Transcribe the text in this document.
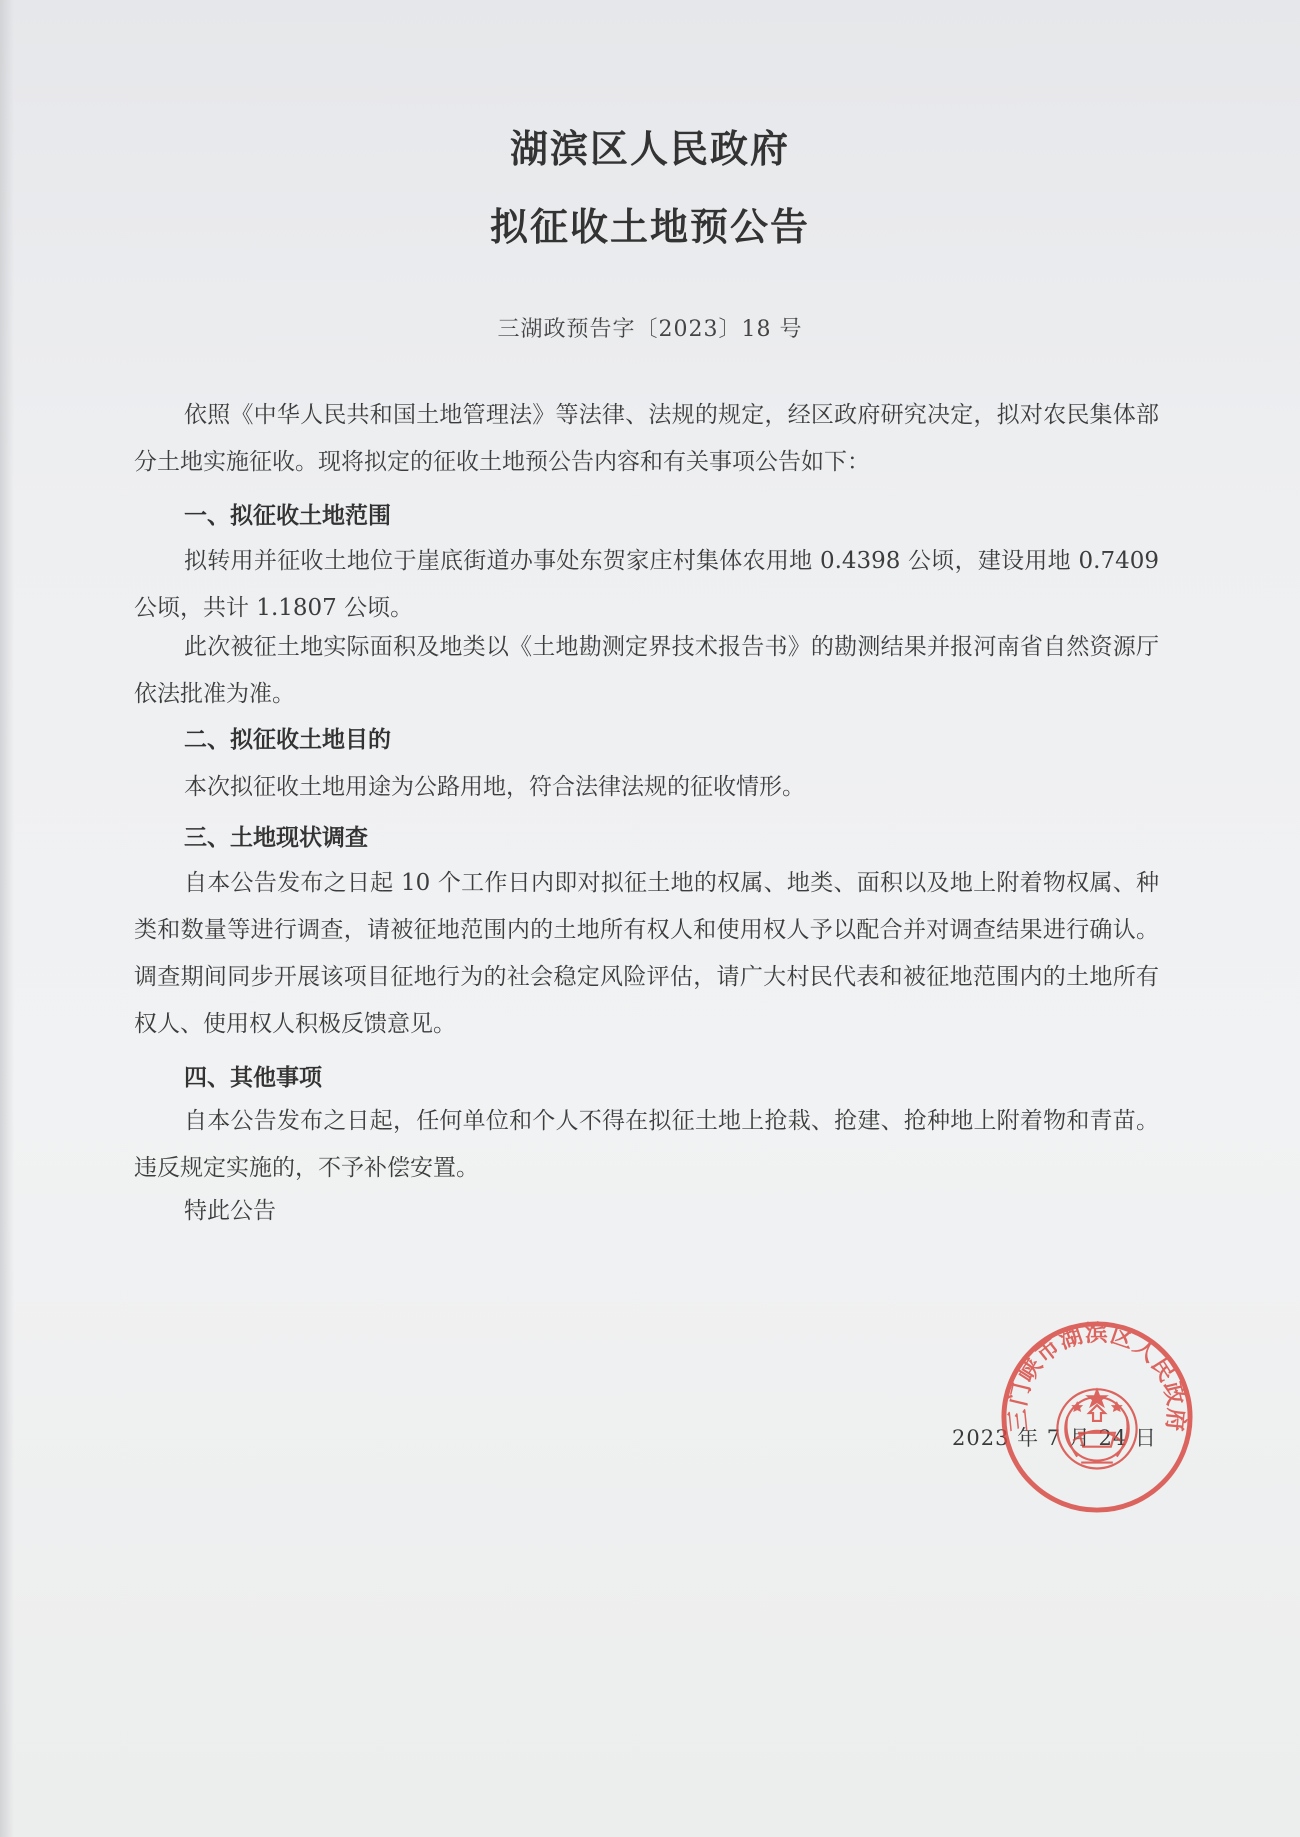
湖滨区人民政府
拟征收土地预公告
三湖政预告字〔2023〕18 号

依照《中华人民共和国土地管理法》等法律、法规的规定，经区政府研究决定，拟对农民集体部分土地实施征收。现将拟定的征收土地预公告内容和有关事项公告如下：

一、拟征收土地范围

拟转用并征收土地位于崖底街道办事处东贺家庄村集体农用地 0.4398 公顷，建设用地 0.7409 公顷，共计 1.1807 公顷。

此次被征土地实际面积及地类以《土地勘测定界技术报告书》的勘测结果并报河南省自然资源厅依法批准为准。

二、拟征收土地目的

本次拟征收土地用途为公路用地，符合法律法规的征收情形。

三、土地现状调查

自本公告发布之日起 10 个工作日内即对拟征土地的权属、地类、面积以及地上附着物权属、种类和数量等进行调查，请被征地范围内的土地所有权人和使用权人予以配合并对调查结果进行确认。调查期间同步开展该项目征地行为的社会稳定风险评估，请广大村民代表和被征地范围内的土地所有权人、使用权人积极反馈意见。

四、其他事项

自本公告发布之日起，任何单位和个人不得在拟征土地上抢栽、抢建、抢种地上附着物和青苗。违反规定实施的，不予补偿安置。

特此公告

2023 年 7 月 24 日
三门峡市湖滨区人民政府
